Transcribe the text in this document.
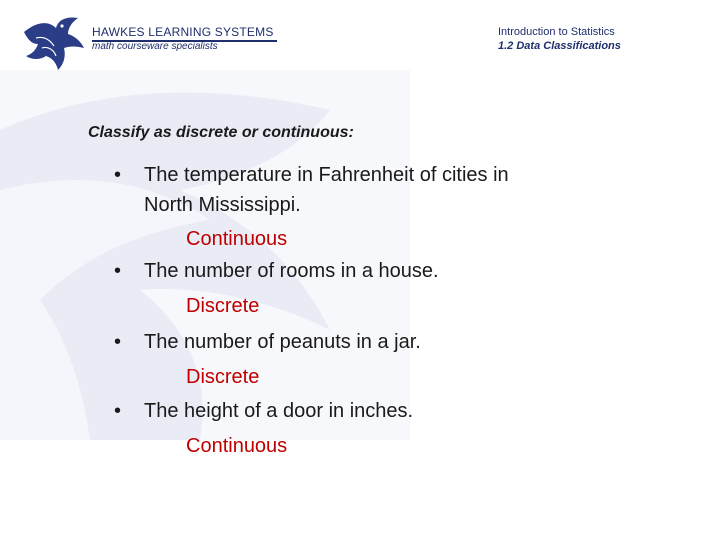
HAWKES LEARNING SYSTEMS
math courseware specialists
Introduction to Statistics
1.2 Data Classifications
Classify as discrete or continuous:
• The temperature in Fahrenheit of cities in
North Mississippi.
Continuous
• The number of rooms in a house.
Discrete
• The number of peanuts in a jar.
Discrete
• The height of a door in inches.
Continuous
